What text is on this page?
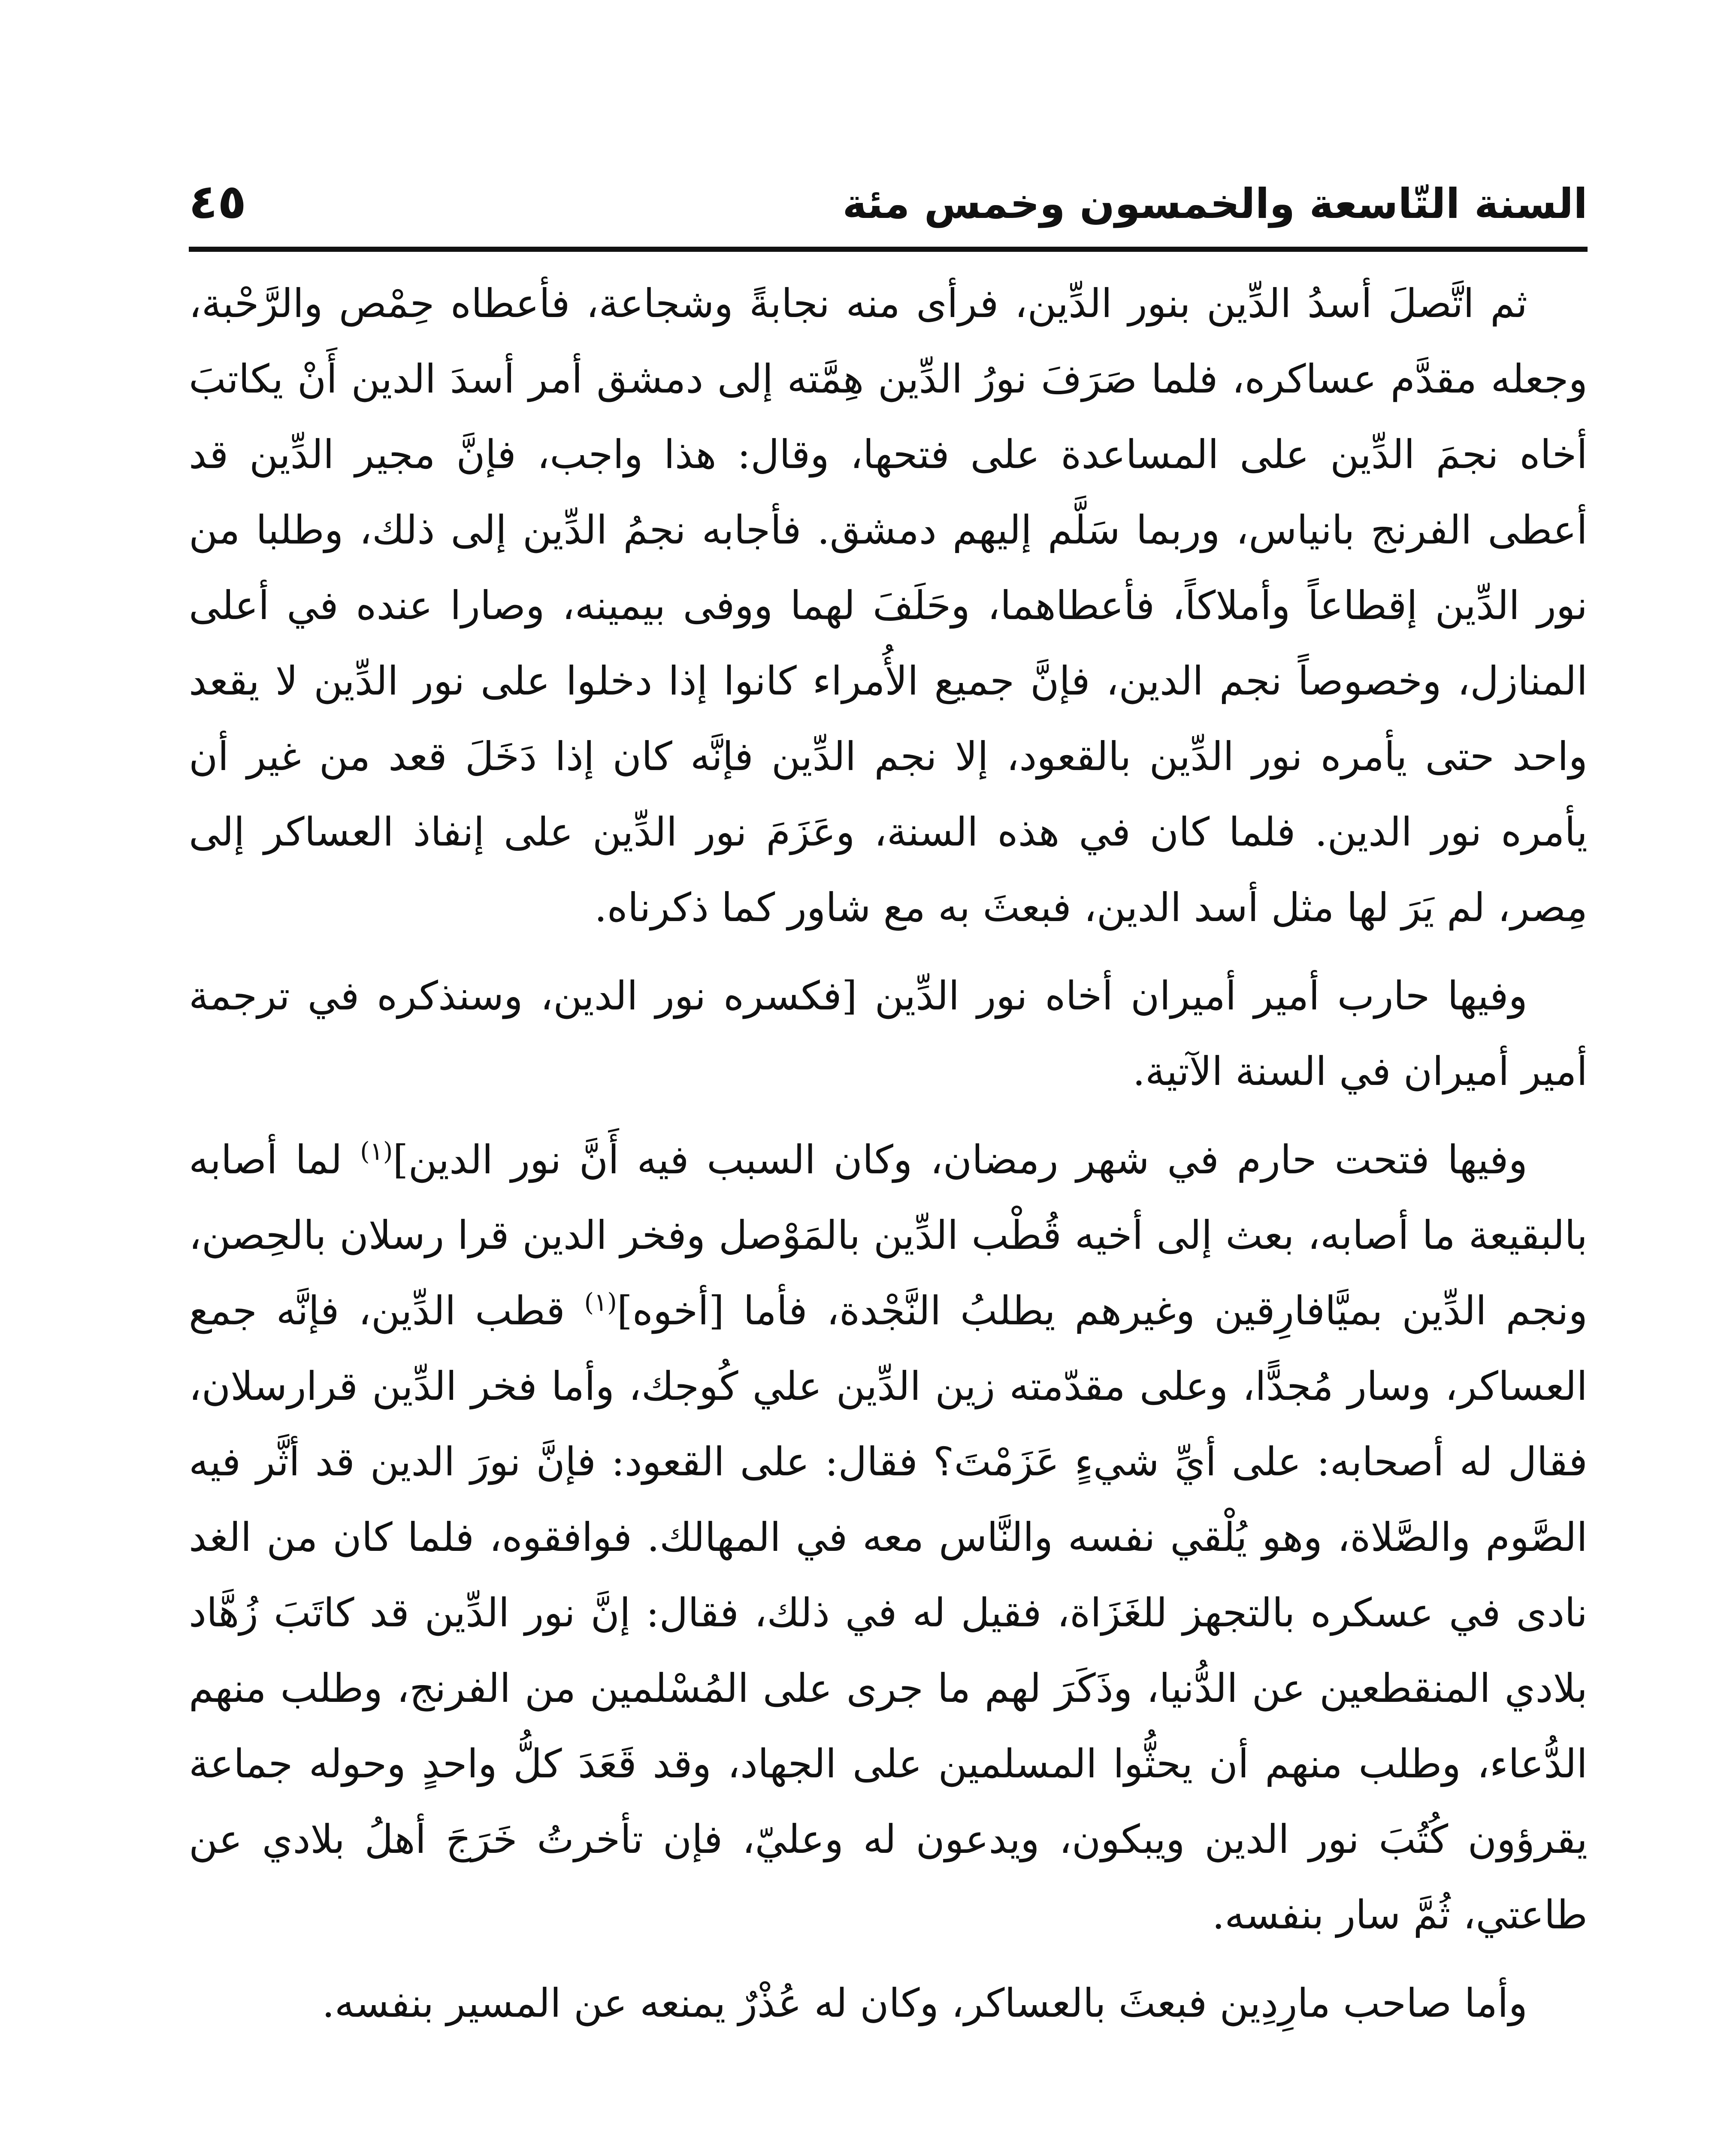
السنة التّاسعة والخمسون وخمس مئة
٤٥

ثم اتَّصلَ أسدُ الدِّين بنور الدِّين، فرأى منه نجابةً وشجاعة، فأعطاه حِمْص والرَّحْبة، وجعله مقدَّم عساكره، فلما صَرَفَ نورُ الدِّين هِمَّته إلى دمشق أمر أسدَ الدين أَنْ يكاتبَ أخاه نجمَ الدِّين على المساعدة على فتحها، وقال: هذا واجب، فإنَّ مجير الدِّين قد أعطى الفرنج بانياس، وربما سَلَّم إليهم دمشق. فأجابه نجمُ الدِّين إلى ذلك، وطلبا من نور الدِّين إقطاعاً وأملاكاً، فأعطاهما، وحَلَفَ لهما ووفى بيمينه، وصارا عنده في أعلى المنازل، وخصوصاً نجم الدين، فإنَّ جميع الأُمراء كانوا إذا دخلوا على نور الدِّين لا يقعد واحد حتى يأمره نور الدِّين بالقعود، إلا نجم الدِّين فإنَّه كان إذا دَخَلَ قعد من غير أن يأمره نور الدين. فلما كان في هذه السنة، وعَزَمَ نور الدِّين على إنفاذ العساكر إلى مِصر، لم يَرَ لها مثل أسد الدين، فبعثَ به مع شاور كما ذكرناه.

وفيها حارب أمير أميران أخاه نور الدِّين [فكسره نور الدين، وسنذكره في ترجمة أمير أميران في السنة الآتية.

وفيها فتحت حارم في شهر رمضان، وكان السبب فيه أَنَّ نور الدين]$^{(١)}$ لما أصابه بالبقيعة ما أصابه، بعث إلى أخيه قُطْب الدِّين بالمَوْصل وفخر الدين قرا رسلان بالحِصن، ونجم الدِّين بميَّافارِقين وغيرهم يطلبُ النَّجْدة، فأما [أخوه]$^{(١)}$ قطب الدِّين، فإنَّه جمع العساكر، وسار مُجدًّا، وعلى مقدّمته زين الدِّين علي كُوجك، وأما فخر الدِّين قرارسلان، فقال له أصحابه: على أيِّ شيءٍ عَزَمْتَ؟ فقال: على القعود: فإنَّ نورَ الدين قد أثَّر فيه الصَّوم والصَّلاة، وهو يُلْقي نفسه والنَّاس معه في المهالك. فوافقوه، فلما كان من الغد نادى في عسكره بالتجهز للغَزَاة، فقيل له في ذلك، فقال: إنَّ نور الدِّين قد كاتَبَ زُهَّاد بلادي المنقطعين عن الدُّنيا، وذَكَرَ لهم ما جرى على المُسْلمين من الفرنج، وطلب منهم الدُّعاء، وطلب منهم أن يحثُّوا المسلمين على الجهاد، وقد قَعَدَ كلُّ واحدٍ وحوله جماعة يقرؤون كُتُبَ نور الدين ويبكون، ويدعون له وعليّ، فإن تأخرتُ خَرَجَ أهلُ بلادي عن طاعتي، ثُمَّ سار بنفسه.

وأما صاحب مارِدِين فبعثَ بالعساكر، وكان له عُذْرٌ يمنعه عن المسير بنفسه.
